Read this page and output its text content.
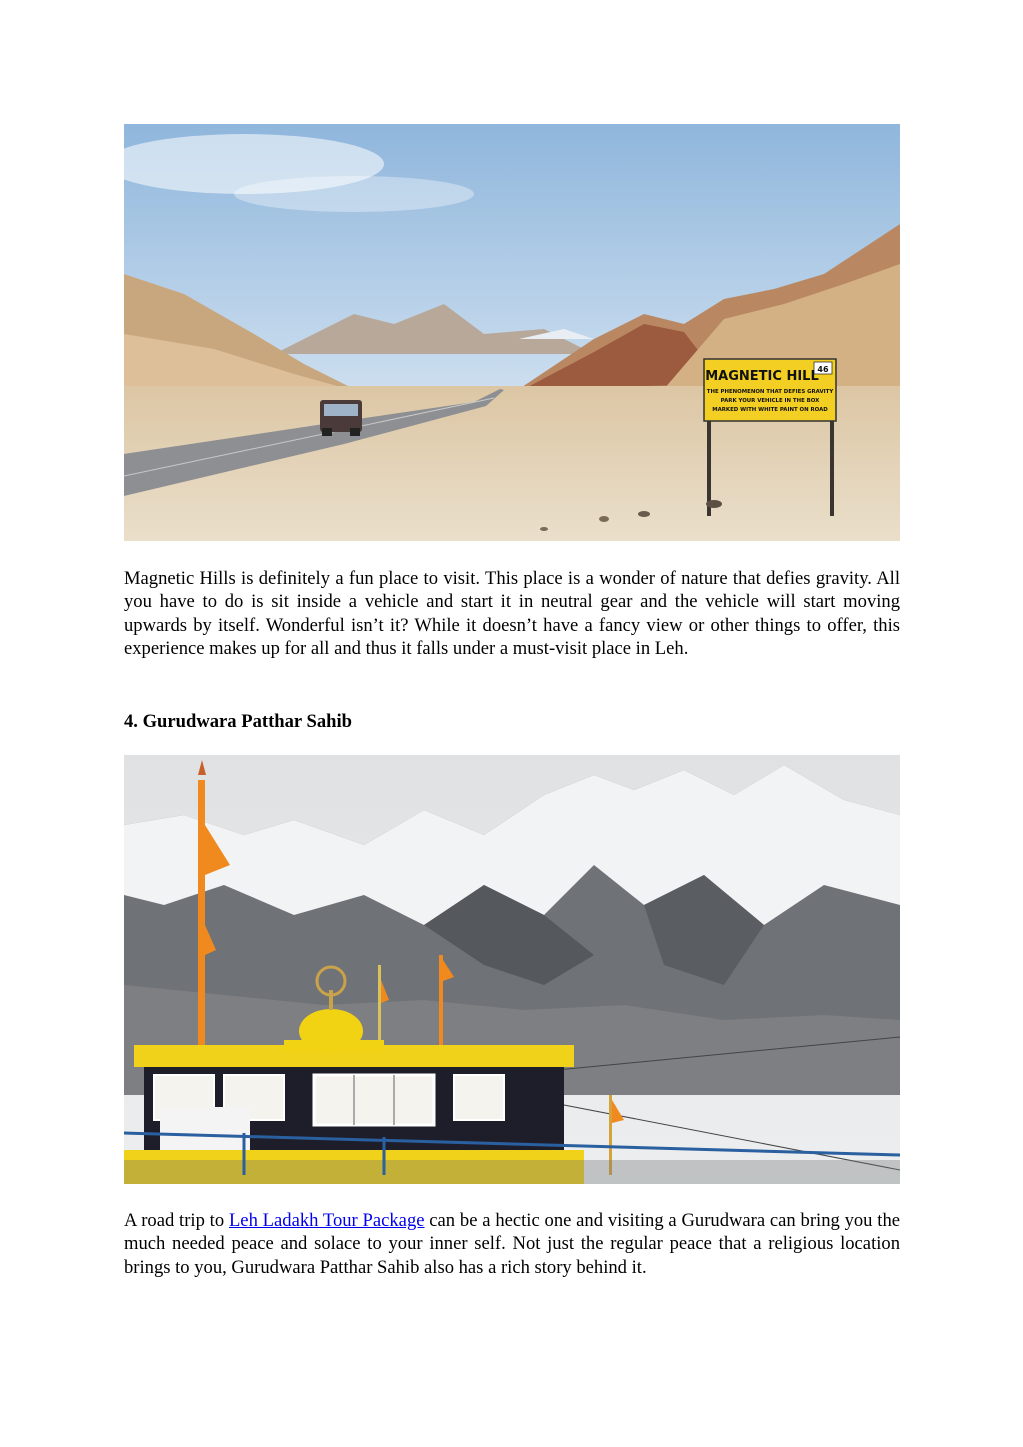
46
MAGNETIC HILL
THE PHENOMENON THAT DEFIES GRAVITY
PARK YOUR VEHICLE IN THE BOX
MARKED WITH WHITE PAINT ON ROAD

Magnetic Hills is definitely a fun place to visit. This place is a wonder of nature that defies gravity. All you have to do is sit inside a vehicle and start it in neutral gear and the vehicle will start moving upwards by itself. Wonderful isn’t it? While it doesn’t have a fancy view or other things to offer, this experience makes up for all and thus it falls under a must-visit place in Leh.

4. Gurudwara Patthar Sahib

A road trip to Leh Ladakh Tour Package can be a hectic one and visiting a Gurudwara can bring you the much needed peace and solace to your inner self. Not just the regular peace that a religious location brings to you, Gurudwara Patthar Sahib also has a rich story behind it.
